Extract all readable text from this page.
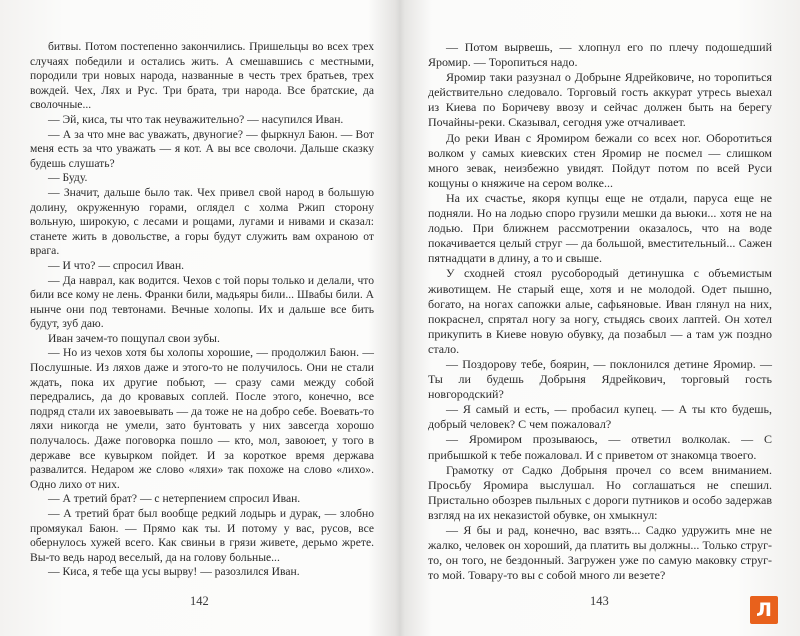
битвы. Потом постепенно закончились. Пришельцы во всех трех случаях победили и остались жить. А смешавшись с местными, породили три новых народа, названные в честь трех братьев, трех вождей. Чех, Лях и Рус. Три брата, три народа. Все братские, да сволочные...

— Эй, киса, ты что так неуважительно? — насупился Иван.

— А за что мне вас уважать, двуногие? — фыркнул Баюн. — Вот меня есть за что уважать — я кот. А вы все сволочи. Дальше сказку будешь слушать?

— Буду.

— Значит, дальше было так. Чех привел свой народ в большую долину, окруженную горами, оглядел с холма Ржип сторону вольную, широкую, с лесами и рощами, лугами и нивами и сказал: станете жить в довольстве, а горы будут служить вам охраною от врага.

— И что? — спросил Иван.

— Да наврал, как водится. Чехов с той поры только и делали, что били все кому не лень. Франки били, мадьяры били... Швабы били. А нынче они под тевтонами. Вечные холопы. Их и дальше все бить будут, зуб даю.

Иван зачем-то пощупал свои зубы.

— Но из чехов хотя бы холопы хорошие, — продолжил Баюн. — Послушные. Из ляхов даже и этого-то не получилось. Они не стали ждать, пока их другие побьют, — сразу сами между собой передрались, да до кровавых соплей. После этого, конечно, все подряд стали их завоевывать — да тоже не на добро себе. Воевать-то ляхи никогда не умели, зато бунтовать у них завсегда хорошо получалось. Даже поговорка пошло — кто, мол, завоюет, у того в державе все кувырком пойдет. И за короткое время держава развалится. Недаром же слово «ляхи» так похоже на слово «лихо». Одно лихо от них.

— А третий брат? — с нетерпением спросил Иван.

— А третий брат был вообще редкий лодырь и дурак, — злобно промяукал Баюн. — Прямо как ты. И потому у вас, русов, все обернулось хужей всего. Как свиньи в грязи живете, дерьмо жрете. Вы-то ведь народ веселый, да на голову больные...

— Киса, я тебе ща усы вырву! — разозлился Иван.

142

— Потом вырвешь, — хлопнул его по плечу подошедший Яромир. — Торопиться надо.

Яромир таки разузнал о Добрыне Ядрейковиче, но торопиться действительно следовало. Торговый гость аккурат утресь выехал из Киева по Боричеву ввозу и сейчас должен быть на берегу Почайны-реки. Сказывал, сегодня уже отчаливает.

До реки Иван с Яромиром бежали со всех ног. Оборотиться волком у самых киевских стен Яромир не посмел — слишком много зевак, неизбежно увидят. Пойдут потом по всей Руси кощуны о княжиче на сером волке...

На их счастье, якоря купцы еще не отдали, паруса еще не подняли. Но на лодью споро грузили мешки да вьюки... хотя не на лодью. При ближнем рассмотрении оказалось, что на воде покачивается целый струг — да большой, вместительный... Сажен пятнадцати в длину, а то и свыше.

У сходней стоял русобородый детинушка с объемистым животищем. Не старый еще, хотя и не молодой. Одет пышно, богато, на ногах сапожки алые, сафьяновые. Иван глянул на них, покраснел, спрятал ногу за ногу, стыдясь своих лаптей. Он хотел прикупить в Киеве новую обувку, да позабыл — а там уж поздно стало.

— Поздорову тебе, боярин, — поклонился детине Яромир. — Ты ли будешь Добрыня Ядрейкович, торговый гость новгородский?

— Я самый и есть, — пробасил купец. — А ты кто будешь, добрый человек? С чем пожаловал?

— Яромиром прозываюсь, — ответил волколак. — С прибышкой к тебе пожаловал. И с приветом от знакомца твоего.

Грамотку от Садко Добрыня прочел со всем вниманием. Просьбу Яромира выслушал. Но соглашаться не спешил. Пристально обозрев пыльных с дороги путников и особо задержав взгляд на их неказистой обувке, он хмыкнул:

— Я бы и рад, конечно, вас взять... Садко удружить мне не жалко, человек он хороший, да платить вы должны... Только струг-то, он того, не бездонный. Загружен уже по самую маковку струг-то мой. Товару-то вы с собой много ли везете?

143	Л
